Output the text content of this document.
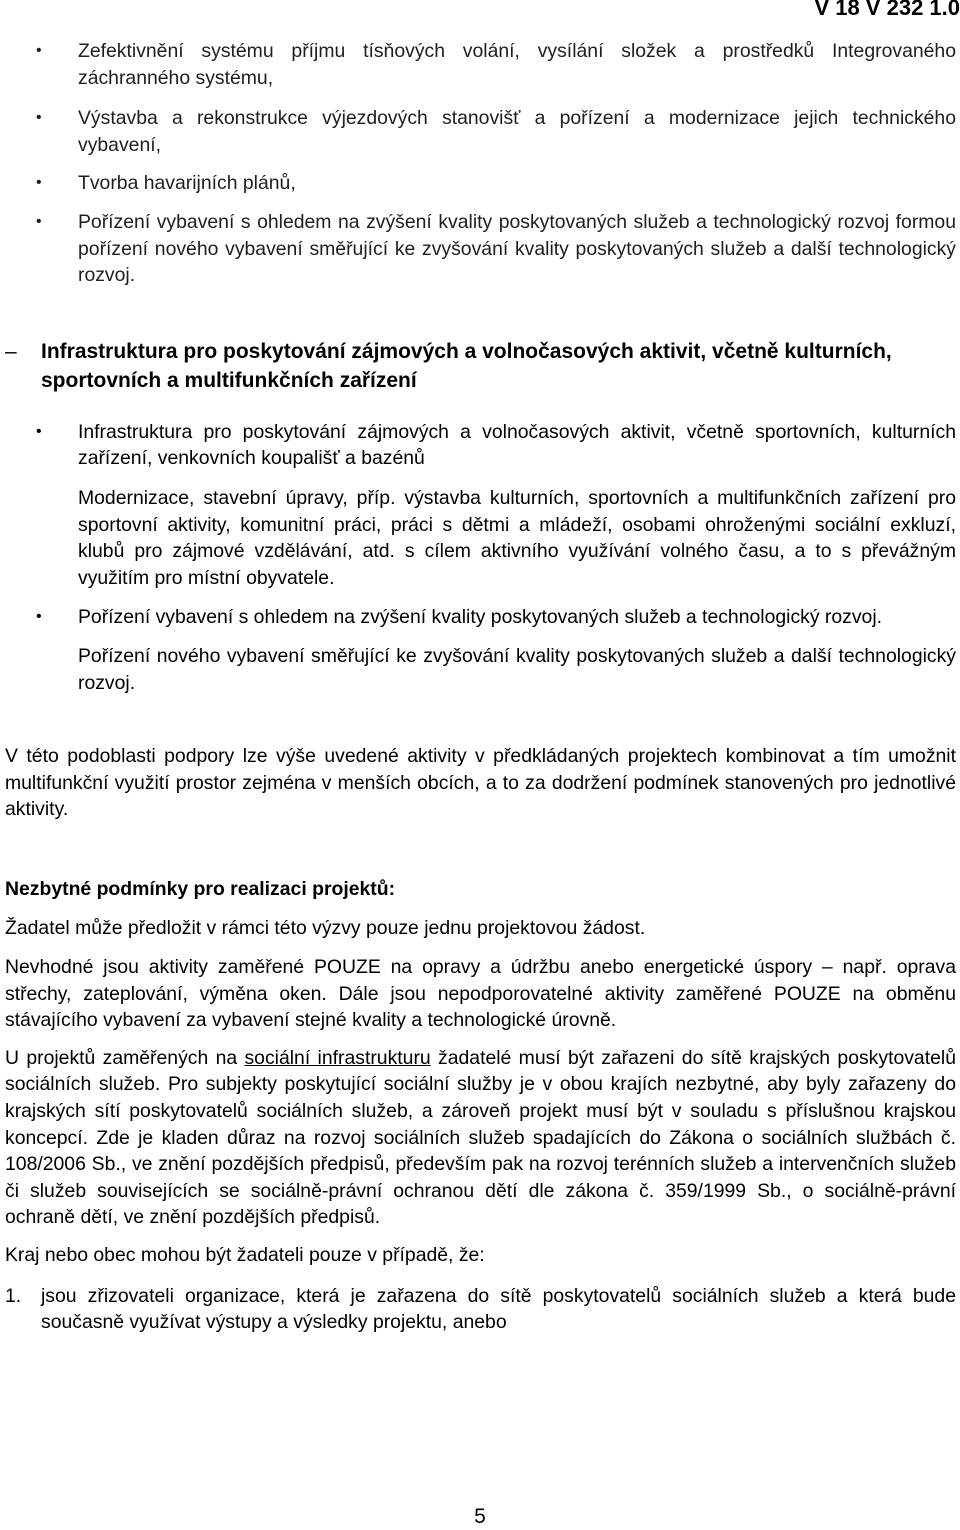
V 18 V 232 1.0
• Zefektivnění systému příjmu tísňových volání, vysílání složek a prostředků Integrovaného záchranného systému,
• Výstavba a rekonstrukce výjezdových stanovišť a pořízení a modernizace jejich technického vybavení,
• Tvorba havarijních plánů,
• Pořízení vybavení s ohledem na zvýšení kvality poskytovaných služeb a technologický rozvoj formou pořízení nového vybavení směřující ke zvyšování kvality poskytovaných služeb a další technologický rozvoj.
– Infrastruktura pro poskytování zájmových a volnočasových aktivit, včetně kulturních, sportovních a multifunkčních zařízení
• Infrastruktura pro poskytování zájmových a volnočasových aktivit, včetně sportovních, kulturních zařízení, venkovních koupališť a bazénů

Modernizace, stavební úpravy, příp. výstavba kulturních, sportovních a multifunkčních zařízení pro sportovní aktivity, komunitní práci, práci s dětmi a mládeží, osobami ohroženými sociální exkluzí, klubů pro zájmové vzdělávání, atd. s cílem aktivního využívání volného času, a to s převážným využitím pro místní obyvatele.

• Pořízení vybavení s ohledem na zvýšení kvality poskytovaných služeb a technologický rozvoj.

Pořízení nového vybavení směřující ke zvyšování kvality poskytovaných služeb a další technologický rozvoj.

V této podoblasti podpory lze výše uvedené aktivity v předkládaných projektech kombinovat a tím umožnit multifunkční využití prostor zejména v menších obcích, a to za dodržení podmínek stanovených pro jednotlivé aktivity.

Nezbytné podmínky pro realizaci projektů:

Žadatel může předložit v rámci této výzvy pouze jednu projektovou žádost.

Nevhodné jsou aktivity zaměřené POUZE na opravy a údržbu anebo energetické úspory – např. oprava střechy, zateplování, výměna oken. Dále jsou nepodporovatelné aktivity zaměřené POUZE na obměnu stávajícího vybavení za vybavení stejné kvality a technologické úrovně.

U projektů zaměřených na sociální infrastrukturu žadatelé musí být zařazeni do sítě krajských poskytovatelů sociálních služeb. Pro subjekty poskytující sociální služby je v obou krajích nezbytné, aby byly zařazeny do krajských sítí poskytovatelů sociálních služeb, a zároveň projekt musí být v souladu s příslušnou krajskou koncepcí. Zde je kladen důraz na rozvoj sociálních služeb spadajících do Zákona o sociálních službách č. 108/2006 Sb., ve znění pozdějších předpisů, především pak na rozvoj terénních služeb a intervenčních služeb či služeb souvisejících se sociálně-právní ochranou dětí dle zákona č. 359/1999 Sb., o sociálně-právní ochraně dětí, ve znění pozdějších předpisů.

Kraj nebo obec mohou být žadateli pouze v případě, že:

1. jsou zřizovateli organizace, která je zařazena do sítě poskytovatelů sociálních služeb a která bude současně využívat výstupy a výsledky projektu, anebo
5
